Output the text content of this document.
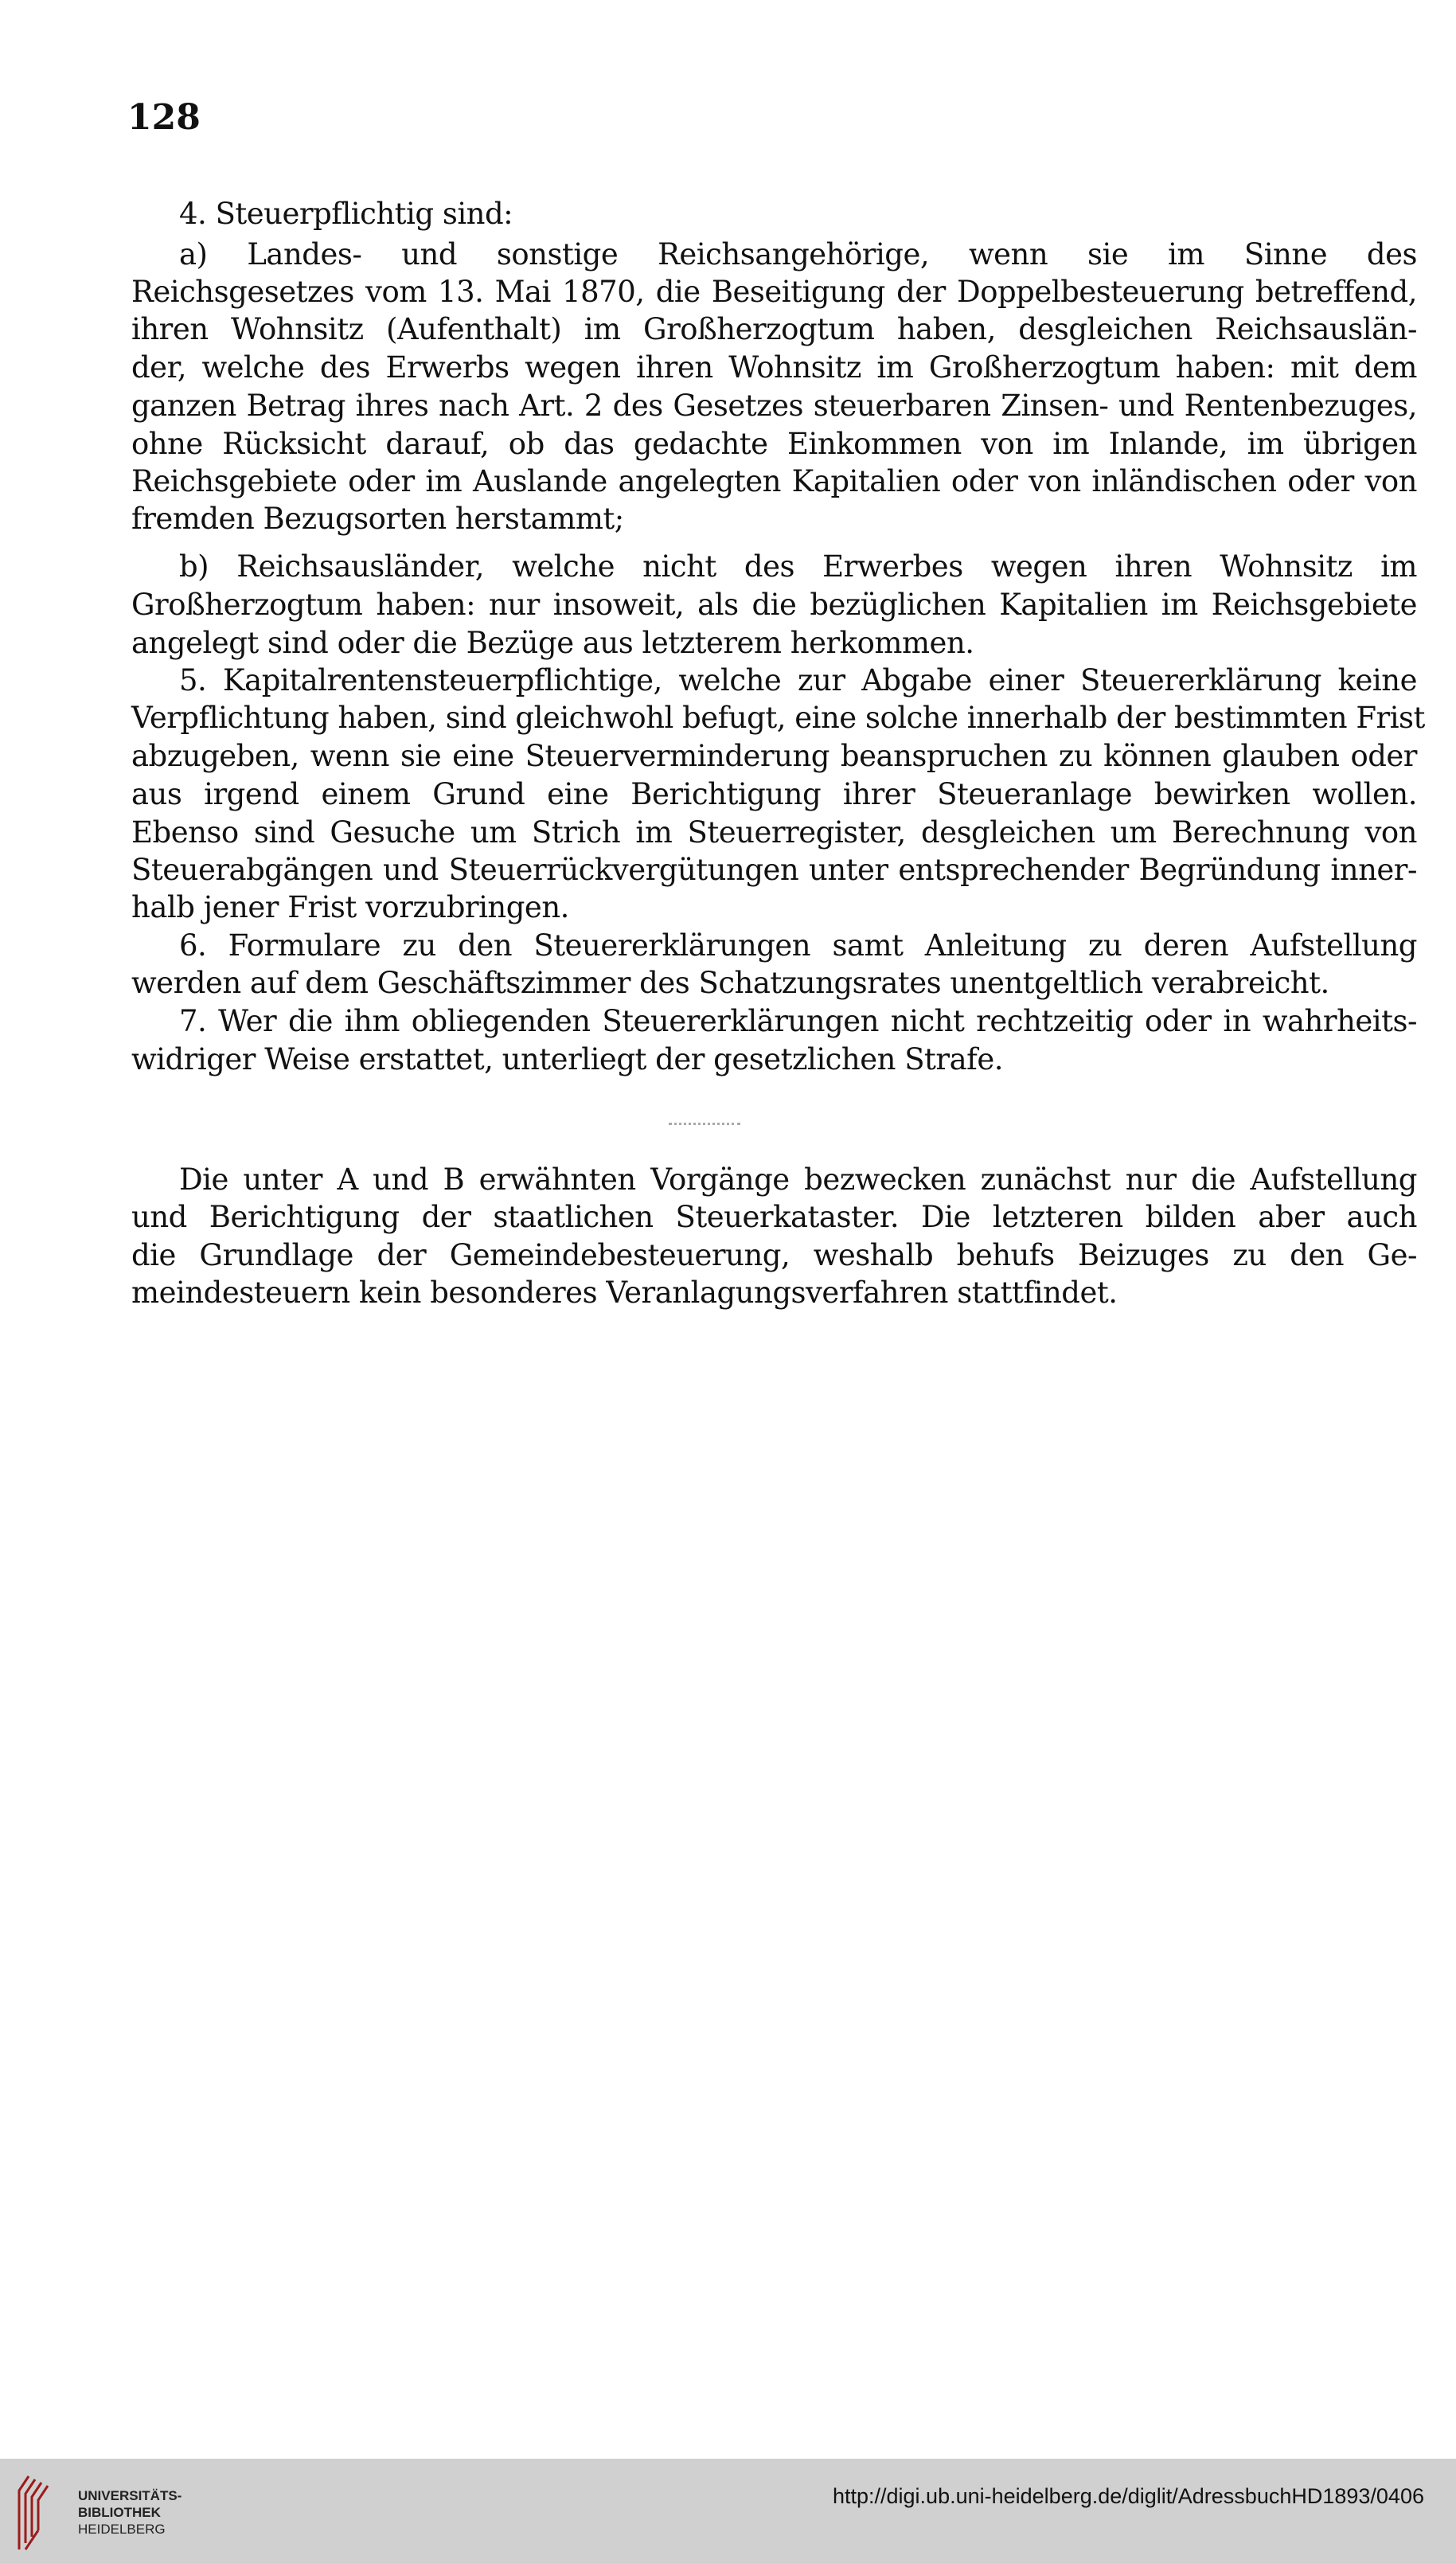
128
4. Steuerpflichtig sind:
a) Landes- und sonstige Reichsangehörige, wenn sie im Sinne des
Reichsgesetzes vom 13. Mai 1870, die Beseitigung der Doppelbesteuerung betreffend,
ihren Wohnsitz (Aufenthalt) im Großherzogtum haben, desgleichen Reichsauslän-
der, welche des Erwerbs wegen ihren Wohnsitz im Großherzogtum haben: mit dem
ganzen Betrag ihres nach Art. 2 des Gesetzes steuerbaren Zinsen- und Rentenbezuges,
ohne Rücksicht darauf, ob das gedachte Einkommen von im Inlande, im übrigen
Reichsgebiete oder im Auslande angelegten Kapitalien oder von inländischen oder von
fremden Bezugsorten herstammt;
b) Reichsausländer, welche nicht des Erwerbes wegen ihren Wohnsitz im
Großherzogtum haben: nur insoweit, als die bezüglichen Kapitalien im Reichsgebiete
angelegt sind oder die Bezüge aus letzterem herkommen.
5. Kapitalrentensteuerpflichtige, welche zur Abgabe einer Steuererklärung keine
Verpflichtung haben, sind gleichwohl befugt, eine solche innerhalb der bestimmten Frist
abzugeben, wenn sie eine Steuerverminderung beanspruchen zu können glauben oder
aus irgend einem Grund eine Berichtigung ihrer Steueranlage bewirken wollen.
Ebenso sind Gesuche um Strich im Steuerregister, desgleichen um Berechnung von
Steuerabgängen und Steuerrückvergütungen unter entsprechender Begründung inner-
halb jener Frist vorzubringen.
6. Formulare zu den Steuererklärungen samt Anleitung zu deren Aufstellung
werden auf dem Geschäftszimmer des Schatzungsrates unentgeltlich verabreicht.
7. Wer die ihm obliegenden Steuererklärungen nicht rechtzeitig oder in wahrheits-
widriger Weise erstattet, unterliegt der gesetzlichen Strafe.
Die unter A und B erwähnten Vorgänge bezwecken zunächst nur die Aufstellung
und Berichtigung der staatlichen Steuerkataster. Die letzteren bilden aber auch
die Grundlage der Gemeindebesteuerung, weshalb behufs Beizuges zu den Ge-
meindesteuern kein besonderes Veranlagungsverfahren stattfindet.
UNIVERSITÄTS-
BIBLIOTHEK
HEIDELBERG
http://digi.ub.uni-heidelberg.de/diglit/AdressbuchHD1893/0406
